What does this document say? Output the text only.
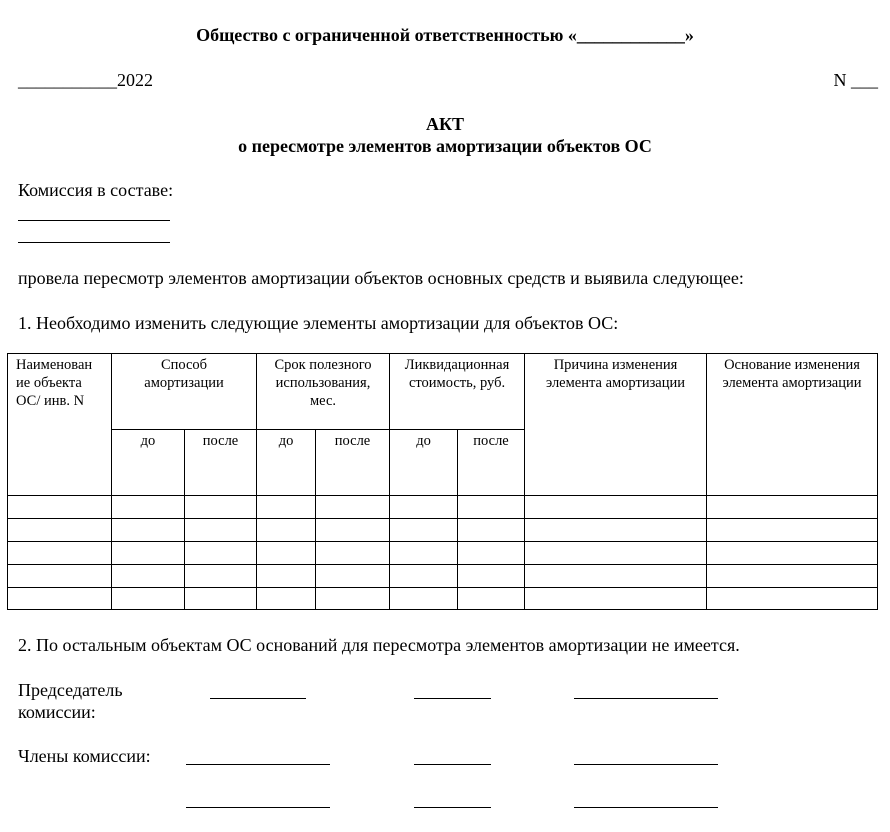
Общество с ограниченной ответственностью «____________»
___________2022	N ___
АКТ
о пересмотре элементов амортизации объектов ОС
Комиссия в составе:
провела пересмотр элементов амортизации объектов основных средств и выявила следующее:
1. Необходимо изменить следующие элементы амортизации для объектов ОС:
Наименован ие объекта ОС/ инв. N	Способ амортизации		Срок полезного использования, мес.		Ликвидационная стоимость, руб.		Причина изменения элемента амортизации	Основание изменения элемента амортизации
	до	после	до	после	до	после		

2. По остальным объектам ОС оснований для пересмотра элементов амортизации не имеется.
Председатель комиссии:
Члены комиссии:
